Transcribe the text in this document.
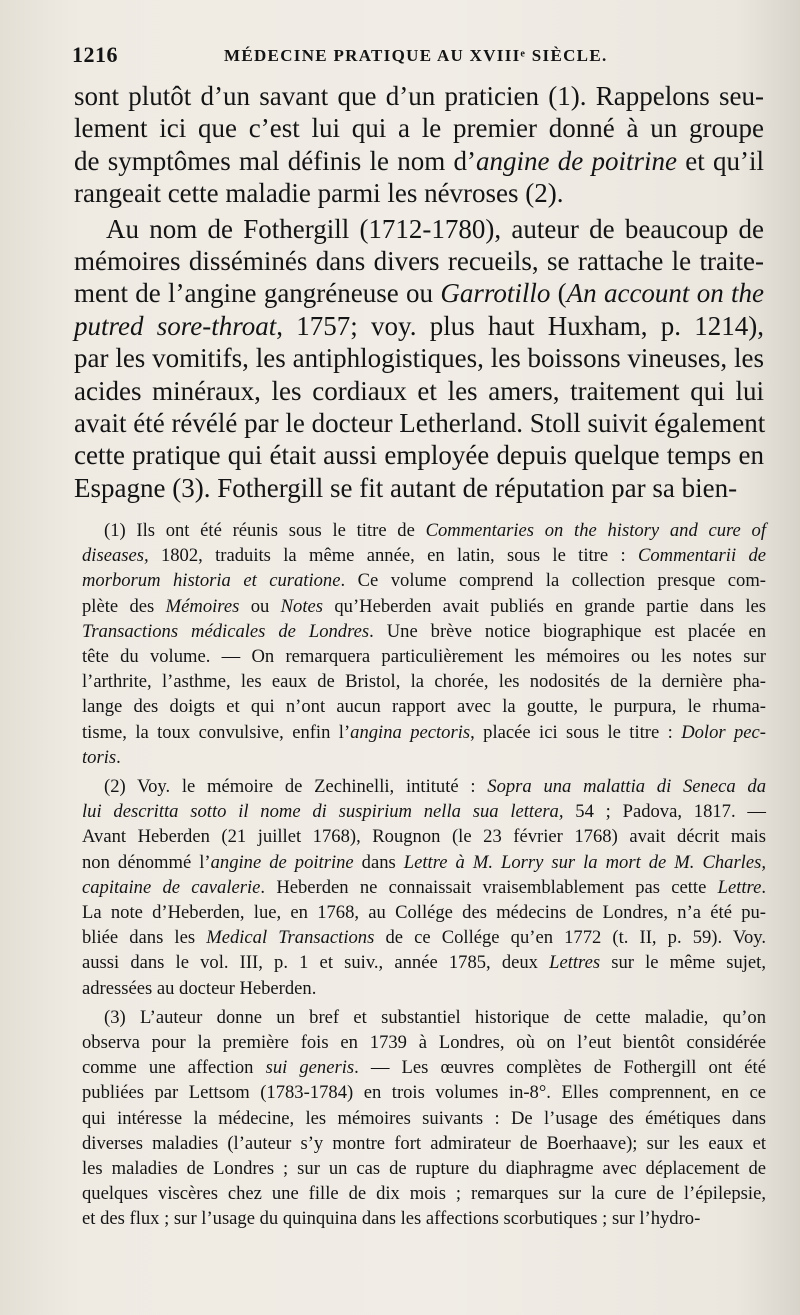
1216	MÉDECINE PRATIQUE AU XVIIIᵉ SIÈCLE.
sont plutôt d’un savant que d’un praticien (1). Rappelons seu-
lement ici que c’est lui qui a le premier donné à un groupe
de symptômes mal définis le nom d’angine de poitrine et qu’il
rangeait cette maladie parmi les névroses (2).
Au nom de Fothergill (1712-1780), auteur de beaucoup de
mémoires disséminés dans divers recueils, se rattache le traite-
ment de l’angine gangréneuse ou Garrotillo (An account on the
putred sore-throat, 1757; voy. plus haut Huxham, p. 1214),
par les vomitifs, les antiphlogistiques, les boissons vineuses, les
acides minéraux, les cordiaux et les amers, traitement qui lui
avait été révélé par le docteur Letherland. Stoll suivit également
cette pratique qui était aussi employée depuis quelque temps en
Espagne (3). Fothergill se fit autant de réputation par sa bien-
(1) Ils ont été réunis sous le titre de Commentaries on the history and cure of
diseases, 1802, traduits la même année, en latin, sous le titre : Commentarii de
morborum historia et curatione. Ce volume comprend la collection presque com-
plète des Mémoires ou Notes qu’Heberden avait publiés en grande partie dans les
Transactions médicales de Londres. Une brève notice biographique est placée en
tête du volume. — On remarquera particulièrement les mémoires ou les notes sur
l’arthrite, l’asthme, les eaux de Bristol, la chorée, les nodosités de la dernière pha-
lange des doigts et qui n’ont aucun rapport avec la goutte, le purpura, le rhuma-
tisme, la toux convulsive, enfin l’angina pectoris, placée ici sous le titre : Dolor pec-
toris.
(2) Voy. le mémoire de Zechinelli, intituté : Sopra una malattia di Seneca da
lui descritta sotto il nome di suspirium nella sua lettera, 54 ; Padova, 1817. —
Avant Heberden (21 juillet 1768), Rougnon (le 23 février 1768) avait décrit mais
non dénommé l’angine de poitrine dans Lettre à M. Lorry sur la mort de M. Charles,
capitaine de cavalerie. Heberden ne connaissait vraisemblablement pas cette Lettre.
La note d’Heberden, lue, en 1768, au Collége des médecins de Londres, n’a été pu-
bliée dans les Medical Transactions de ce Collége qu’en 1772 (t. II, p. 59). Voy.
aussi dans le vol. III, p. 1 et suiv., année 1785, deux Lettres sur le même sujet,
adressées au docteur Heberden.
(3) L’auteur donne un bref et substantiel historique de cette maladie, qu’on
observa pour la première fois en 1739 à Londres, où on l’eut bientôt considérée
comme une affection sui generis. — Les œuvres complètes de Fothergill ont été
publiées par Lettsom (1783-1784) en trois volumes in-8°. Elles comprennent, en ce
qui intéresse la médecine, les mémoires suivants : De l’usage des émétiques dans
diverses maladies (l’auteur s’y montre fort admirateur de Boerhaave); sur les eaux et
les maladies de Londres ; sur un cas de rupture du diaphragme avec déplacement de
quelques viscères chez une fille de dix mois ; remarques sur la cure de l’épilepsie,
et des flux ; sur l’usage du quinquina dans les affections scorbutiques ; sur l’hydro-
